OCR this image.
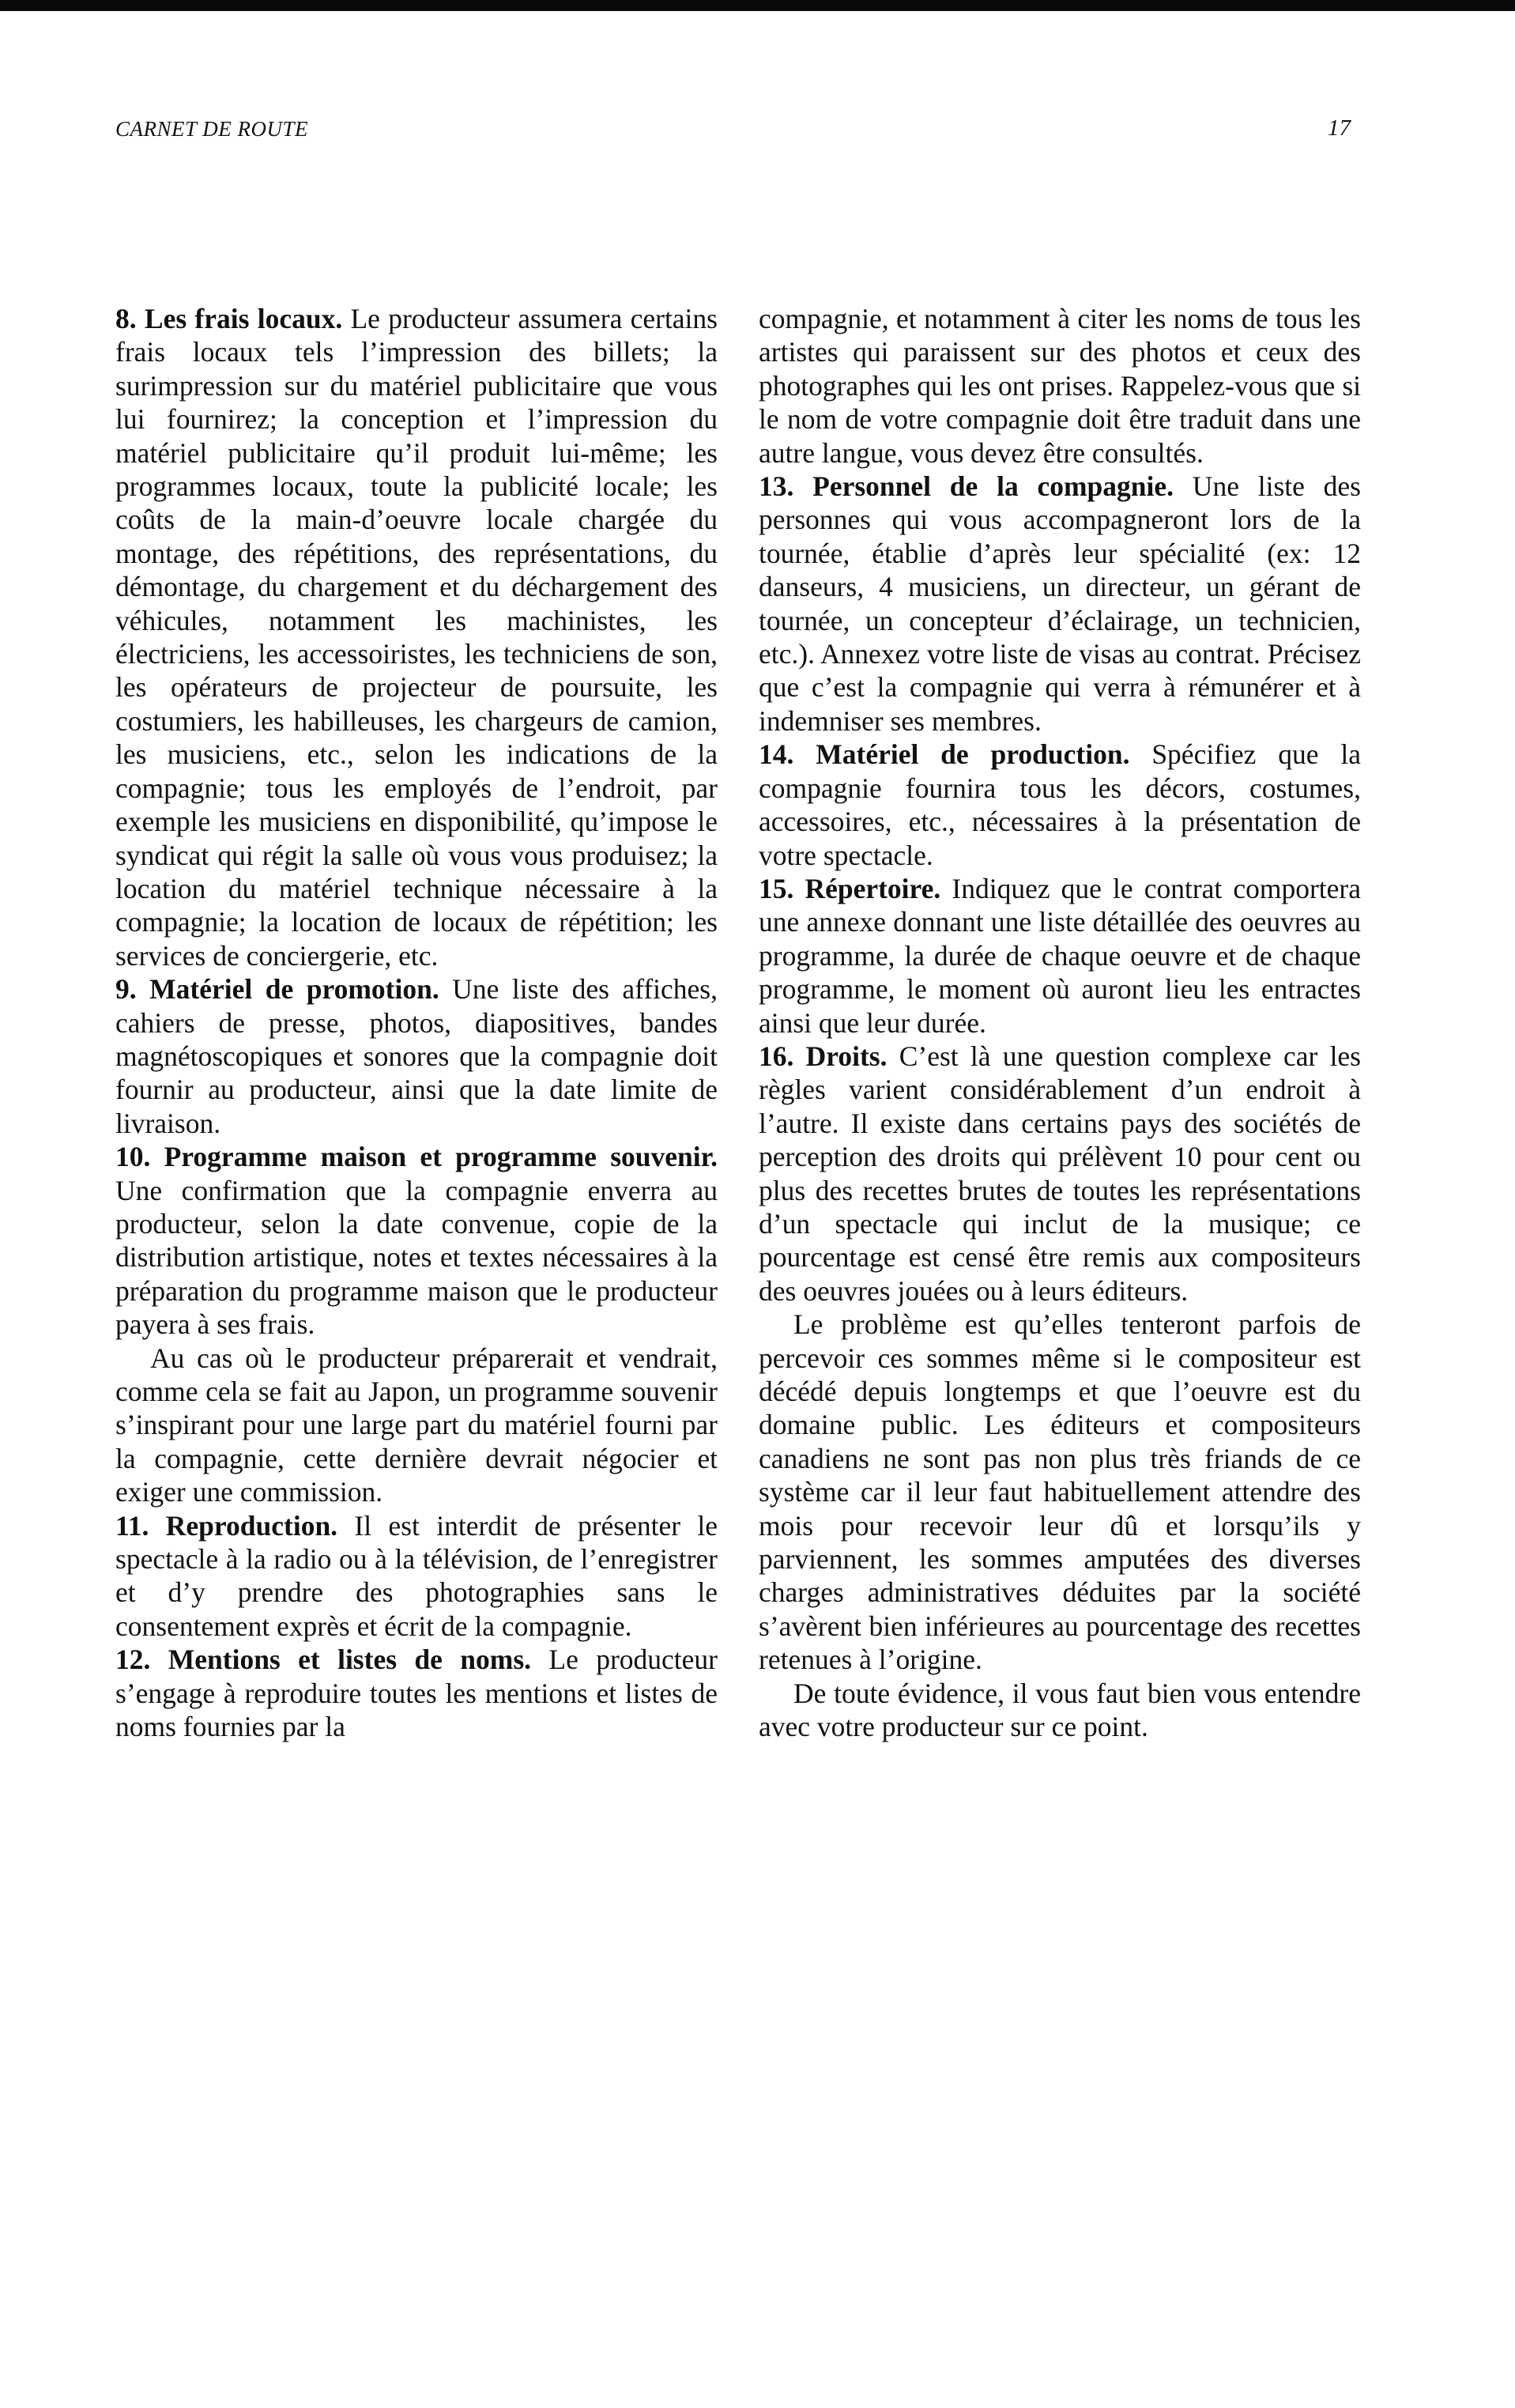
CARNET DE ROUTE	17

8. Les frais locaux. Le producteur assumera certains frais locaux tels l’impression des billets; la surimpression sur du matériel publicitaire que vous lui fournirez; la conception et l’impression du matériel publicitaire qu’il produit lui-même; les programmes locaux, toute la publicité locale; les coûts de la main-d’oeuvre locale chargée du montage, des répétitions, des représentations, du démontage, du chargement et du déchargement des véhicules, notamment les machinistes, les électriciens, les accessoiristes, les techniciens de son, les opérateurs de projecteur de poursuite, les costumiers, les habilleuses, les chargeurs de camion, les musiciens, etc., selon les indications de la compagnie; tous les employés de l’endroit, par exemple les musiciens en disponibilité, qu’impose le syndicat qui régit la salle où vous vous produisez; la location du matériel technique nécessaire à la compagnie; la location de locaux de répétition; les services de conciergerie, etc.

9. Matériel de promotion. Une liste des affiches, cahiers de presse, photos, diapositives, bandes magnétoscopiques et sonores que la compagnie doit fournir au producteur, ainsi que la date limite de livraison.

10. Programme maison et programme souvenir. Une confirmation que la compagnie enverra au producteur, selon la date convenue, copie de la distribution artistique, notes et textes nécessaires à la préparation du programme maison que le producteur payera à ses frais.

Au cas où le producteur préparerait et vendrait, comme cela se fait au Japon, un programme souvenir s’inspirant pour une large part du matériel fourni par la compagnie, cette dernière devrait négocier et exiger une commission.

11. Reproduction. Il est interdit de présenter le spectacle à la radio ou à la télévision, de l’enregistrer et d’y prendre des photographies sans le consentement exprès et écrit de la compagnie.

12. Mentions et listes de noms. Le producteur s’engage à reproduire toutes les mentions et listes de noms fournies par la

compagnie, et notamment à citer les noms de tous les artistes qui paraissent sur des photos et ceux des photographes qui les ont prises. Rappelez-vous que si le nom de votre compagnie doit être traduit dans une autre langue, vous devez être consultés.

13. Personnel de la compagnie. Une liste des personnes qui vous accompagneront lors de la tournée, établie d’après leur spécialité (ex: 12 danseurs, 4 musiciens, un directeur, un gérant de tournée, un concepteur d’éclairage, un technicien, etc.). Annexez votre liste de visas au contrat. Précisez que c’est la compagnie qui verra à rémunérer et à indemniser ses membres.

14. Matériel de production. Spécifiez que la compagnie fournira tous les décors, costumes, accessoires, etc., nécessaires à la présentation de votre spectacle.

15. Répertoire. Indiquez que le contrat comportera une annexe donnant une liste détaillée des oeuvres au programme, la durée de chaque oeuvre et de chaque programme, le moment où auront lieu les entractes ainsi que leur durée.

16. Droits. C’est là une question complexe car les règles varient considérablement d’un endroit à l’autre. Il existe dans certains pays des sociétés de perception des droits qui prélèvent 10 pour cent ou plus des recettes brutes de toutes les représentations d’un spectacle qui inclut de la musique; ce pourcentage est censé être remis aux compositeurs des oeuvres jouées ou à leurs éditeurs.

Le problème est qu’elles tenteront parfois de percevoir ces sommes même si le compositeur est décédé depuis longtemps et que l’oeuvre est du domaine public. Les éditeurs et compositeurs canadiens ne sont pas non plus très friands de ce système car il leur faut habituellement attendre des mois pour recevoir leur dû et lorsqu’ils y parviennent, les sommes amputées des diverses charges administratives déduites par la société s’avèrent bien inférieures au pourcentage des recettes retenues à l’origine.

De toute évidence, il vous faut bien vous entendre avec votre producteur sur ce point.
